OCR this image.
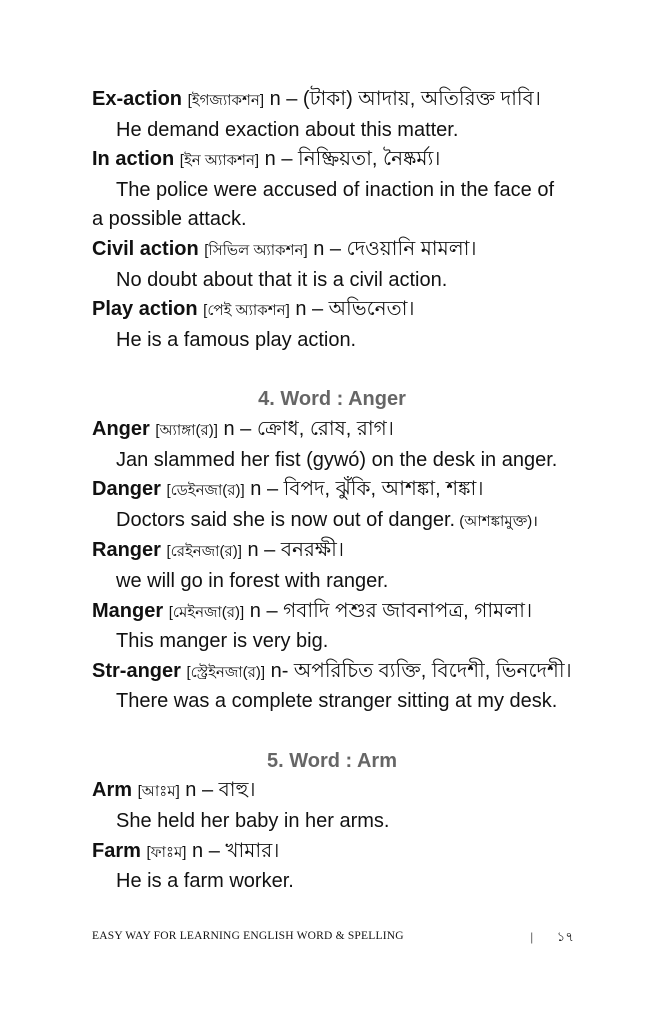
Ex-action [ইগজ্যাকশন] n – (টাকা) আদায়, অতিরিক্ত দাবি।
He demand exaction about this matter.
In action [ইন অ্যাকশন] n – নিষ্ক্রিয়তা, নৈষ্কর্ম্য।
The police were accused of inaction in the face of
a possible attack.
Civil action [সিভিল অ্যাকশন] n – দেওয়ানি মামলা।
No doubt about that it is a civil action.
Play action [পেই অ্যাকশন] n – অভিনেতা।
He is a famous play action.
4. Word : Anger
Anger [অ্যাঙ্গা(র)] n – ক্রোধ, রোষ, রাগ।
Jan slammed her fist (gywó) on the desk in anger.
Danger [ডেইনজা(র)] n – বিপদ, ঝুঁকি, আশঙ্কা, শঙ্কা।
Doctors said she is now out of danger. (আশঙ্কামুক্ত)।
Ranger [রেইনজা(র)] n – বনরক্ষী।
we will go in forest with ranger.
Manger [মেইনজা(র)] n – গবাদি পশুর জাবনাপত্র, গামলা।
This manger is very big.
Str-anger [স্ট্রেইনজা(র)] n- অপরিচিত ব্যক্তি, বিদেশী, ভিনদেশী।
There was a complete stranger sitting at my desk.
5. Word : Arm
Arm [আঃম] n – বাহু।
She held her baby in her arms.
Farm [ফাঃম] n – খামার।
He is a farm worker.
EASY WAY FOR LEARNING ENGLISH WORD & SPELLING	| ১৭
